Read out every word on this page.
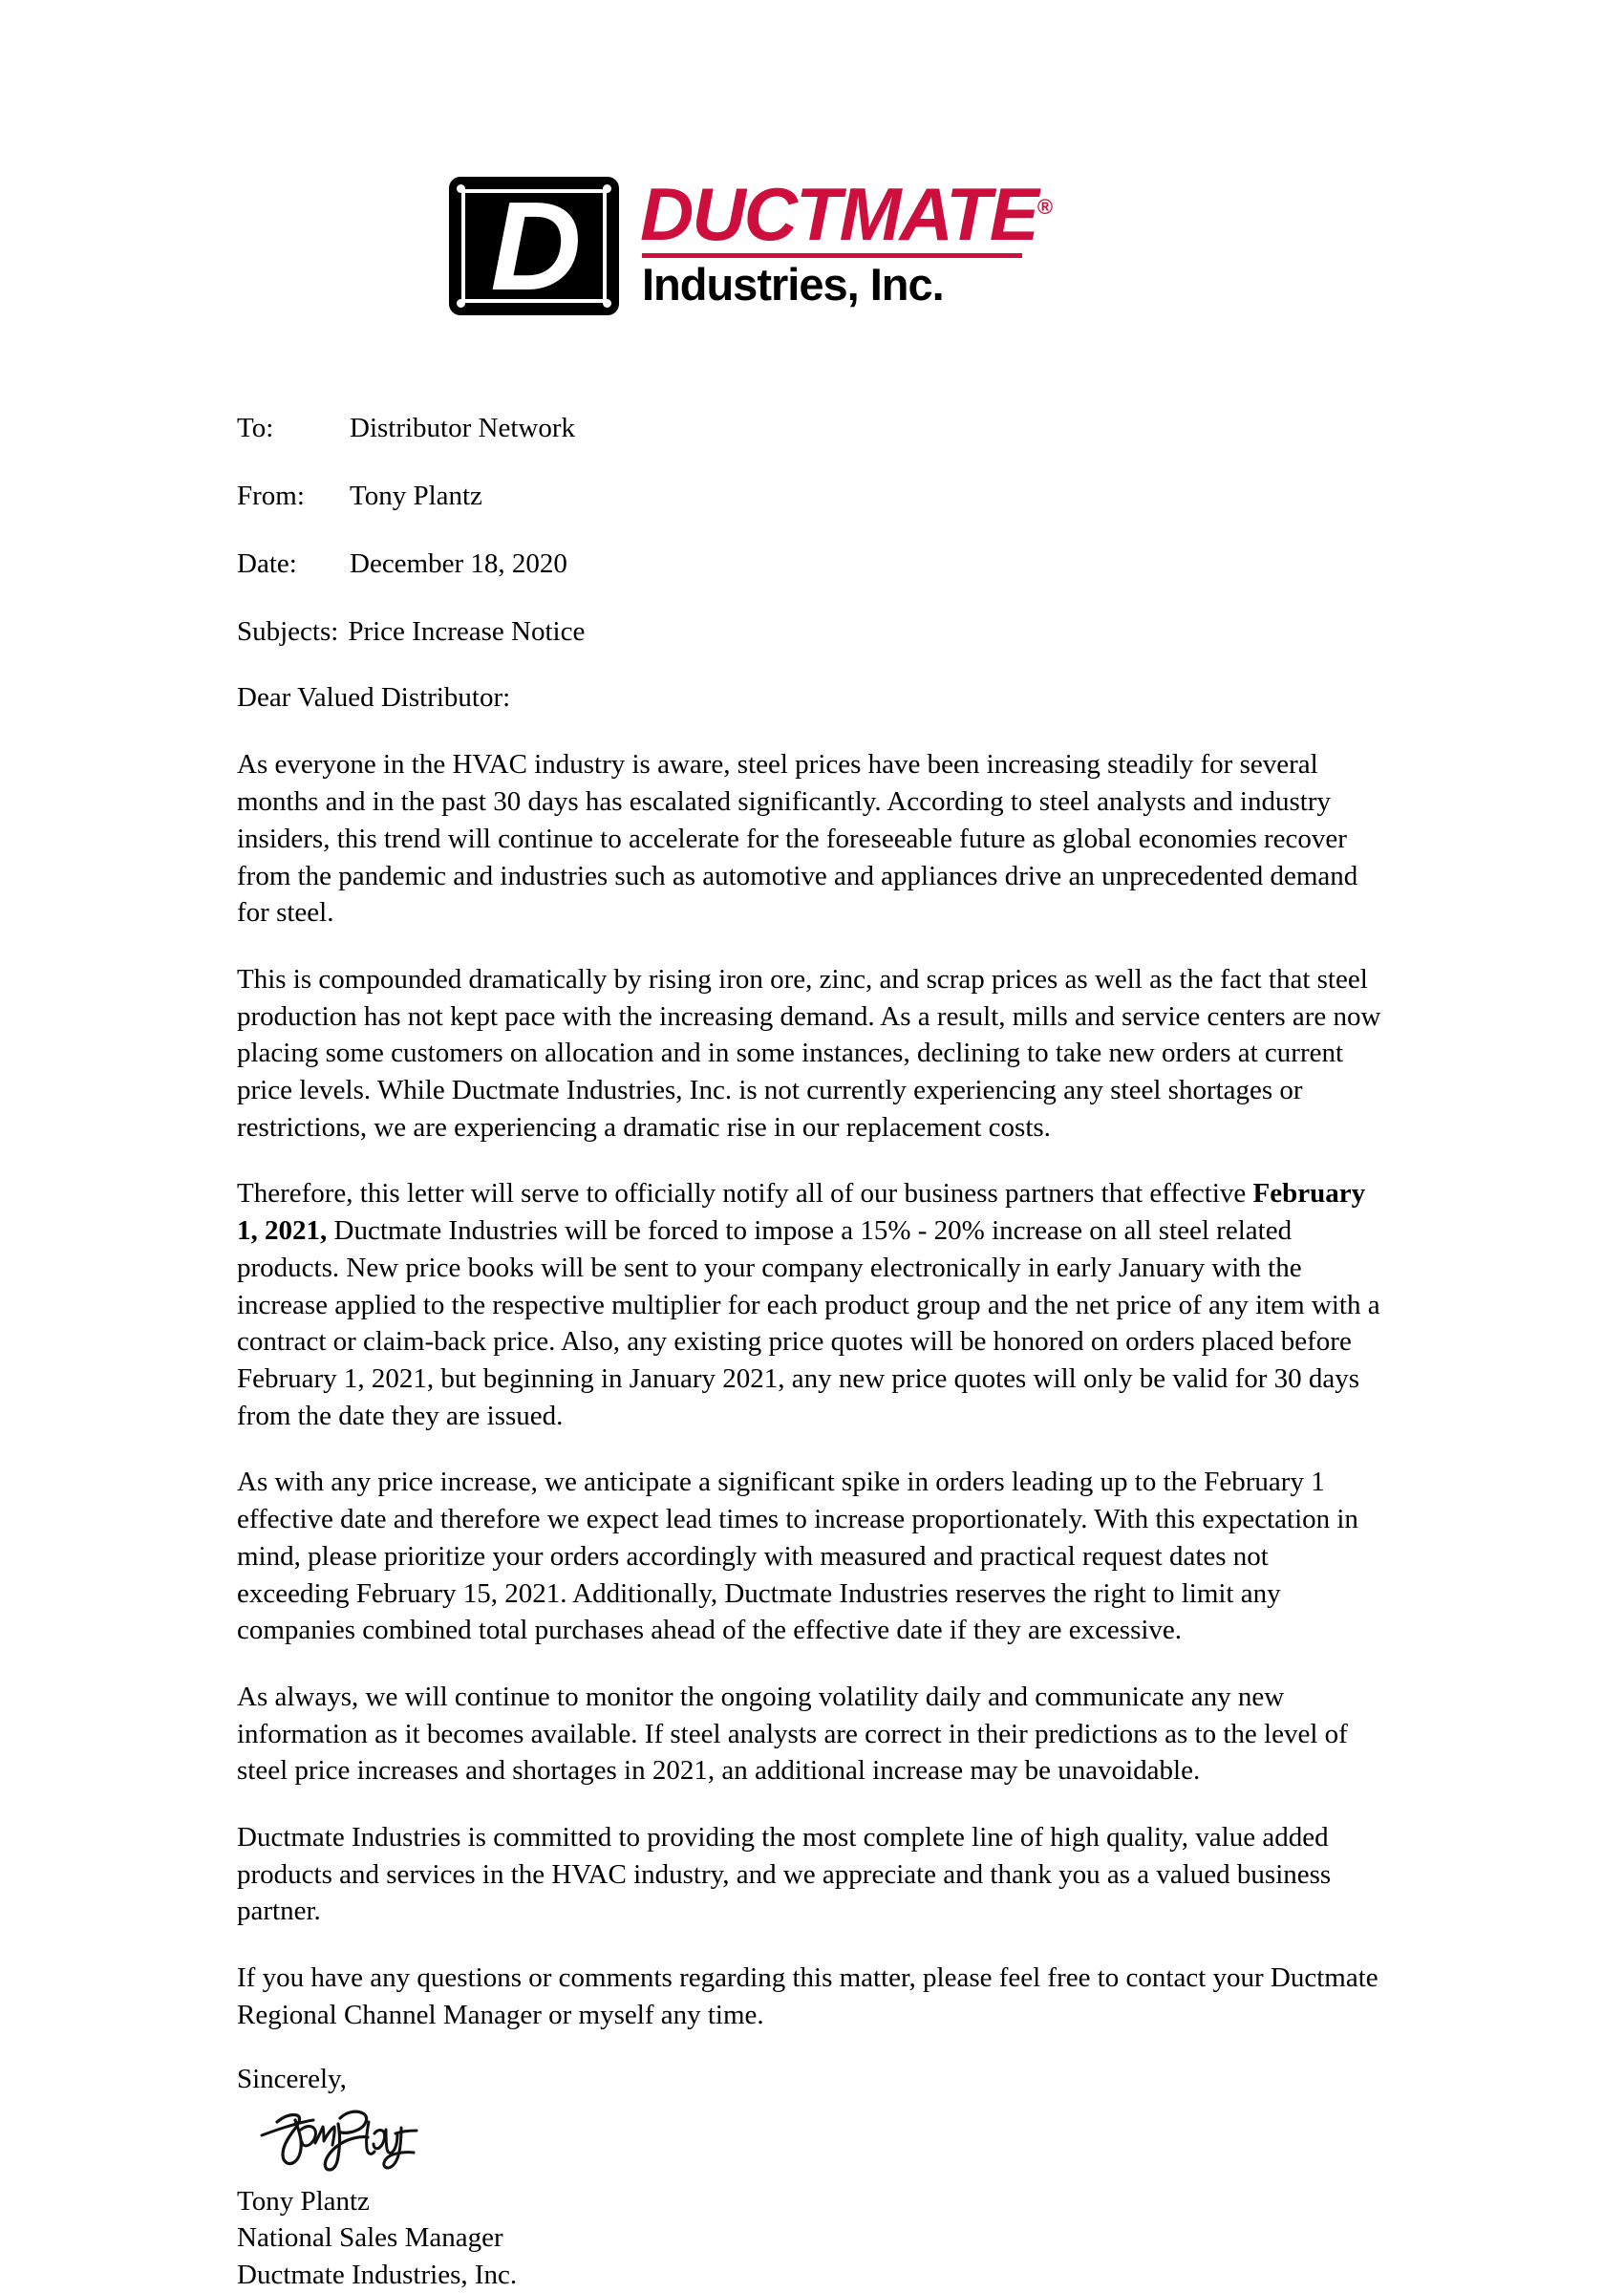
D DUCTMATE®
Industries, Inc.
To:	Distributor Network
From: Tony Plantz
Date: December 18, 2020
Subjects: Price Increase Notice
Dear Valued Distributor:

As everyone in the HVAC industry is aware, steel prices have been increasing steadily for several months and in the past 30 days has escalated significantly. According to steel analysts and industry insiders, this trend will continue to accelerate for the foreseeable future as global economies recover from the pandemic and industries such as automotive and appliances drive an unprecedented demand for steel.

This is compounded dramatically by rising iron ore, zinc, and scrap prices as well as the fact that steel production has not kept pace with the increasing demand. As a result, mills and service centers are now placing some customers on allocation and in some instances, declining to take new orders at current price levels. While Ductmate Industries, Inc. is not currently experiencing any steel shortages or restrictions, we are experiencing a dramatic rise in our replacement costs.

Therefore, this letter will serve to officially notify all of our business partners that effective February 1, 2021, Ductmate Industries will be forced to impose a 15% - 20% increase on all steel related products. New price books will be sent to your company electronically in early January with the increase applied to the respective multiplier for each product group and the net price of any item with a contract or claim-back price. Also, any existing price quotes will be honored on orders placed before February 1, 2021, but beginning in January 2021, any new price quotes will only be valid for 30 days from the date they are issued.

As with any price increase, we anticipate a significant spike in orders leading up to the February 1 effective date and therefore we expect lead times to increase proportionately. With this expectation in mind, please prioritize your orders accordingly with measured and practical request dates not exceeding February 15, 2021. Additionally, Ductmate Industries reserves the right to limit any companies combined total purchases ahead of the effective date if they are excessive.

As always, we will continue to monitor the ongoing volatility daily and communicate any new information as it becomes available. If steel analysts are correct in their predictions as to the level of steel price increases and shortages in 2021, an additional increase may be unavoidable.

Ductmate Industries is committed to providing the most complete line of high quality, value added products and services in the HVAC industry, and we appreciate and thank you as a valued business partner.

If you have any questions or comments regarding this matter, please feel free to contact your Ductmate Regional Channel Manager or myself any time.

Sincerely,
Tony Plantz
National Sales Manager
Ductmate Industries, Inc.
